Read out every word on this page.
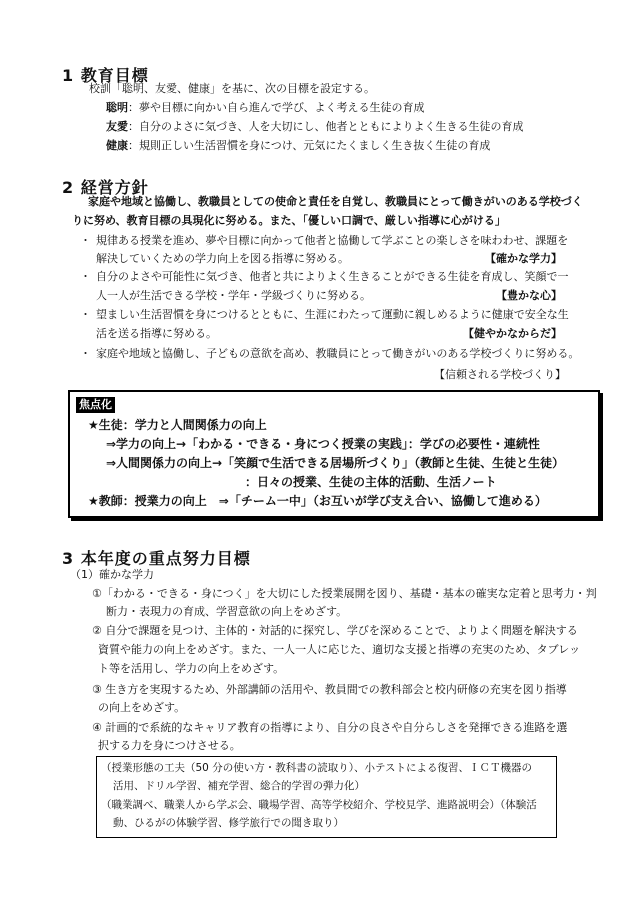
1 教育目標
校訓「聡明、友愛、健康」を基に、次の目標を設定する。
聡明：夢や目標に向かい自ら進んで学び、よく考える生徒の育成
友愛：自分のよさに気づき、人を大切にし、他者とともによりよく生きる生徒の育成
健康：規則正しい生活習慣を身につけ、元気にたくましく生き抜く生徒の育成
2 経営方針
家庭や地域と協働し、教職員としての使命と責任を自覚し、教職員にとって働きがいのある学校づく
りに努め、教育目標の具現化に努める。また、「優しい口調で、厳しい指導に心がける」
・ 規律ある授業を進め、夢や目標に向かって他者と協働して学ぶことの楽しさを味わわせ、課題を
解決していくための学力向上を図る指導に努める。	【確かな学力】
・ 自分のよさや可能性に気づき、他者と共によりよく生きることができる生徒を育成し、笑顔で一
人一人が生活できる学校・学年・学級づくりに努める。	【豊かな心】
・ 望ましい生活習慣を身につけるとともに、生涯にわたって運動に親しめるように健康で安全な生
活を送る指導に努める。	【健やかなからだ】
・ 家庭や地域と協働し、子どもの意欲を高め、教職員にとって働きがいのある学校づくりに努める。
【信頼される学校づくり】
焦点化
★生徒：学力と人間関係力の向上
⇒学力の向上→「わかる・できる・身につく授業の実践」：学びの必要性・連続性
⇒人間関係力の向上→「笑顔で生活できる居場所づくり」（教師と生徒、生徒と生徒）
：日々の授業、生徒の主体的活動、生活ノート
★教師：授業力の向上　⇒「チーム一中」（お互いが学び支え合い、協働して進める）
3 本年度の重点努力目標
（1）確かな学力
①「わかる・できる・身につく」を大切にした授業展開を図り、基礎・基本の確実な定着と思考力・判
断力・表現力の育成、学習意欲の向上をめざす。
② 自分で課題を見つけ、主体的・対話的に探究し、学びを深めることで、よりよく問題を解決する
資質や能力の向上をめざす。また、一人一人に応じた、適切な支援と指導の充実のため、タブレッ
ト等を活用し、学力の向上をめざす。
③ 生き方を実現するため、外部講師の活用や、教員間での教科部会と校内研修の充実を図り指導
の向上をめざす。
④ 計画的で系統的なキャリア教育の指導により、自分の良さや自分らしさを発揮できる進路を選
択する力を身につけさせる。
（授業形態の工夫（50 分の使い方・教科書の読取り）、小テストによる復習、ＩＣＴ機器の
活用、ドリル学習、補充学習、総合的学習の弾力化）
（職業調べ、職業人から学ぶ会、職場学習、高等学校紹介、学校見学、進路説明会）（体験活
動、ひるがの体験学習、修学旅行での聞き取り）
